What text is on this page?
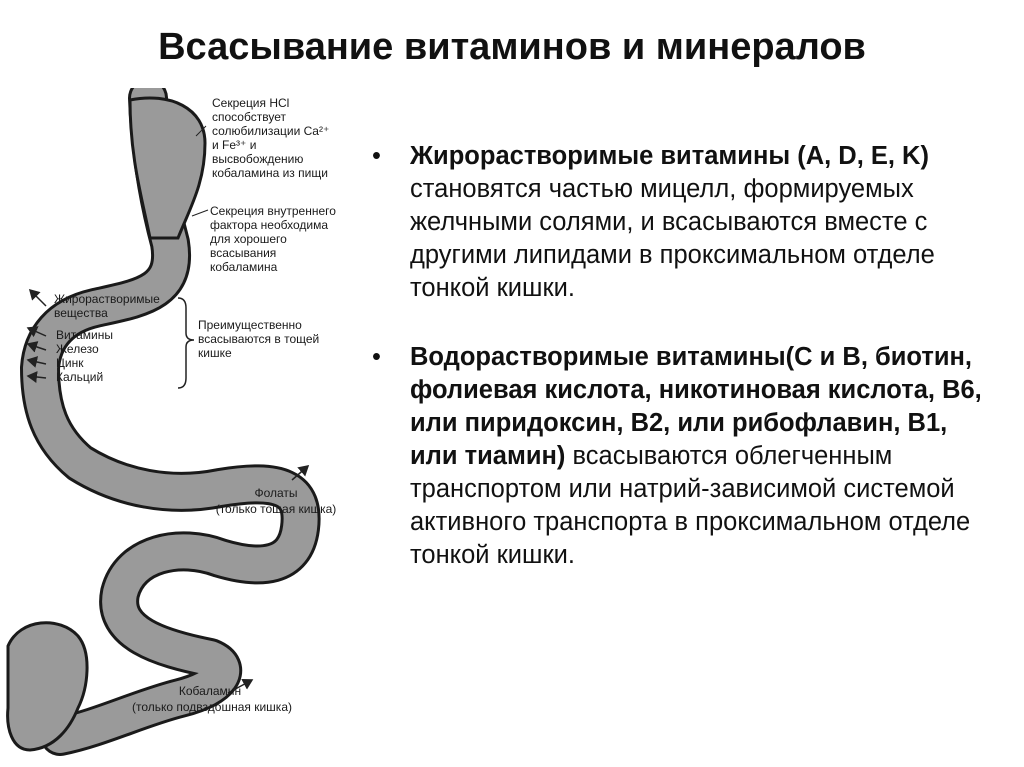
Всасывание витаминов и минералов
Секреция HCl
способствует
солюбилизации Ca²⁺
и Fe³⁺ и
высвобождению
кобаламина из пищи
Секреция внутреннего
фактора необходима
для хорошего
всасывания
кобаламина
Жирорастворимые
вещества
Витамины
Железо
Цинк
Кальций
Преимущественно
всасываются в тощей
кишке
Фолаты
(только тощая кишка)
Кобаламин
(только подвздошная кишка)
• Жирорастворимые витамины (A, D, E, K) становятся частью мицелл, формируемых желчными солями, и всасываются вместе с другими липидами в проксимальном отделе тонкой кишки.
• Водорастворимые витамины(С и В, биотин, фолиевая кислота, никотиновая кислота, В6, или пиридоксин, В2, или рибофлавин, В1, или тиамин) всасываются облегченным транспортом или натрий-зависимой системой активного транспорта в проксимальном отделе тонкой кишки.
